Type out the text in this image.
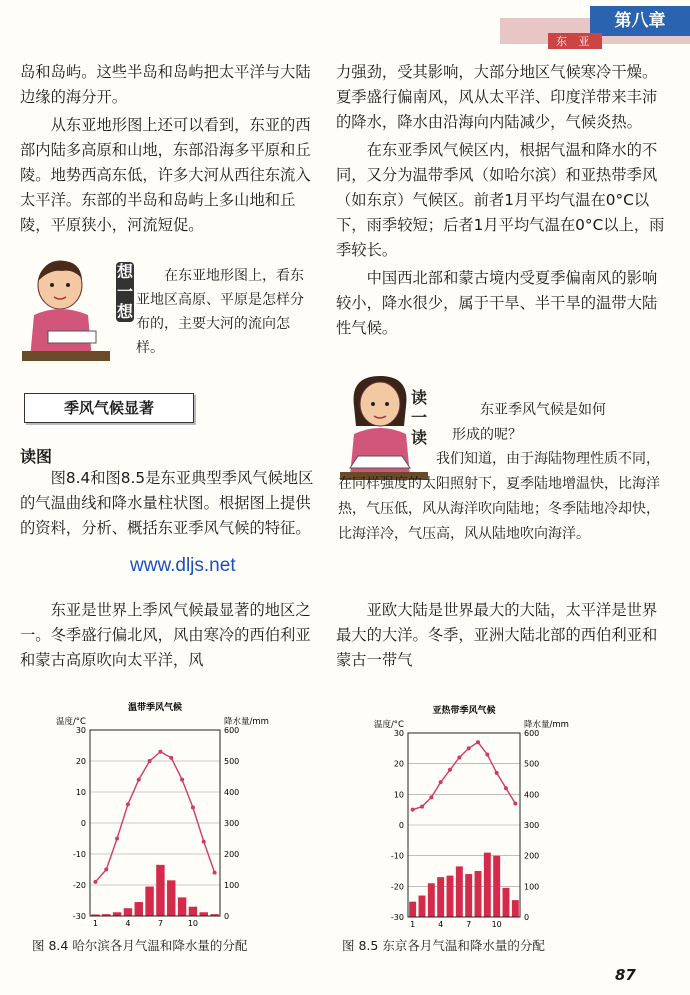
第八章
东 亚

岛和岛屿。这些半岛和岛屿把太平洋与大陆边缘的海分开。

从东亚地形图上还可以看到，东亚的西部内陆多高原和山地，东部沿海多平原和丘陵。地势西高东低，许多大河从西往东流入太平洋。东部的半岛和岛屿上多山地和丘陵，平原狭小，河流短促。

想一想
在东亚地形图上，看东亚地区高原、平原是怎样分布的，主要大河的流向怎样。
季风气候显著
读图

图8.4和图8.5是东亚典型季风气候地区的气温曲线和降水量柱状图。根据图上提供的资料，分析、概括东亚季风气候的特征。

www.dljs.net

东亚是世界上季风气候最显著的地区之一。冬季盛行偏北风，风由寒冷的西伯利亚和蒙古高原吹向太平洋，风

力强劲，受其影响，大部分地区气候寒冷干燥。夏季盛行偏南风，风从太平洋、印度洋带来丰沛的降水，降水由沿海向内陆减少，气候炎热。

在东亚季风气候区内，根据气温和降水的不同，又分为温带季风（如哈尔滨）和亚热带季风（如东京）气候区。前者1月平均气温在0°C以下，雨季较短；后者1月平均气温在0°C以上，雨季较长。

中国西北部和蒙古境内受夏季偏南风的影响较小，降水很少，属于干旱、半干旱的温带大陆性气候。

读一读
东亚季风气候是如何形成的呢？
我们知道，由于海陆物理性质不同，在同样强度的太阳照射下，夏季陆地增温快，比海洋热，气压低，风从海洋吹向陆地；冬季陆地冷却快，比海洋冷，气压高，风从陆地吹向海洋。

亚欧大陆是世界最大的大陆，太平洋是世界最大的大洋。冬季，亚洲大陆北部的西伯利亚和蒙古一带气

温带季风气候
温度/°C	降水量/mm
-30
-20
-10
0
10
20
30
0
100
200
300
400
500
600
1	4	7	10
亚热带季风气候
温度/°C	降水量/mm
-30
-20
-10
0
10
20
30
0
100
200
300
400
500
600
1	4	7	10
图 8.4 哈尔滨各月气温和降水量的分配	图 8.5 东京各月气温和降水量的分配
87
